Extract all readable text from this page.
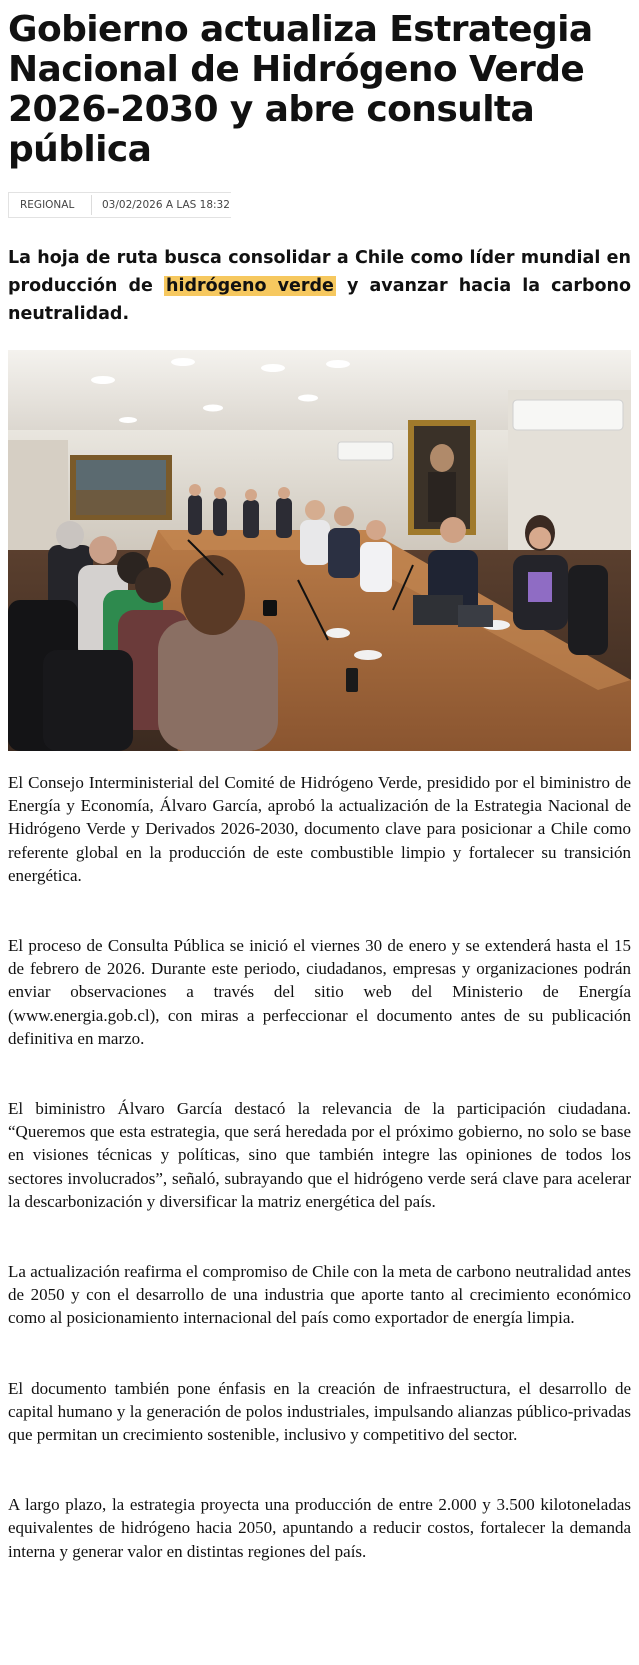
Gobierno actualiza Estrategia Nacional de Hidrógeno Verde 2026-2030 y abre consulta pública
REGIONAL	03/02/2026 A LAS 18:32

La hoja de ruta busca consolidar a Chile como líder mundial en producción de hidrógeno verde y avanzar hacia la carbono neutralidad.

El Consejo Interministerial del Comité de Hidrógeno Verde, presidido por el biministro de Energía y Economía, Álvaro García, aprobó la actualización de la Estrategia Nacional de Hidrógeno Verde y Derivados 2026-2030, documento clave para posicionar a Chile como referente global en la producción de este combustible limpio y fortalecer su transición energética.

El proceso de Consulta Pública se inició el viernes 30 de enero y se extenderá hasta el 15 de febrero de 2026. Durante este periodo, ciudadanos, empresas y organizaciones podrán enviar observaciones a través del sitio web del Ministerio de Energía (www.energia.gob.cl), con miras a perfeccionar el documento antes de su publicación definitiva en marzo.

El biministro Álvaro García destacó la relevancia de la participación ciudadana. “Queremos que esta estrategia, que será heredada por el próximo gobierno, no solo se base en visiones técnicas y políticas, sino que también integre las opiniones de todos los sectores involucrados”, señaló, subrayando que el hidrógeno verde será clave para acelerar la descarbonización y diversificar la matriz energética del país.

La actualización reafirma el compromiso de Chile con la meta de carbono neutralidad antes de 2050 y con el desarrollo de una industria que aporte tanto al crecimiento económico como al posicionamiento internacional del país como exportador de energía limpia.

El documento también pone énfasis en la creación de infraestructura, el desarrollo de capital humano y la generación de polos industriales, impulsando alianzas público-privadas que permitan un crecimiento sostenible, inclusivo y competitivo del sector.

A largo plazo, la estrategia proyecta una producción de entre 2.000 y 3.500 kilotoneladas equivalentes de hidrógeno hacia 2050, apuntando a reducir costos, fortalecer la demanda interna y generar valor en distintas regiones del país.
